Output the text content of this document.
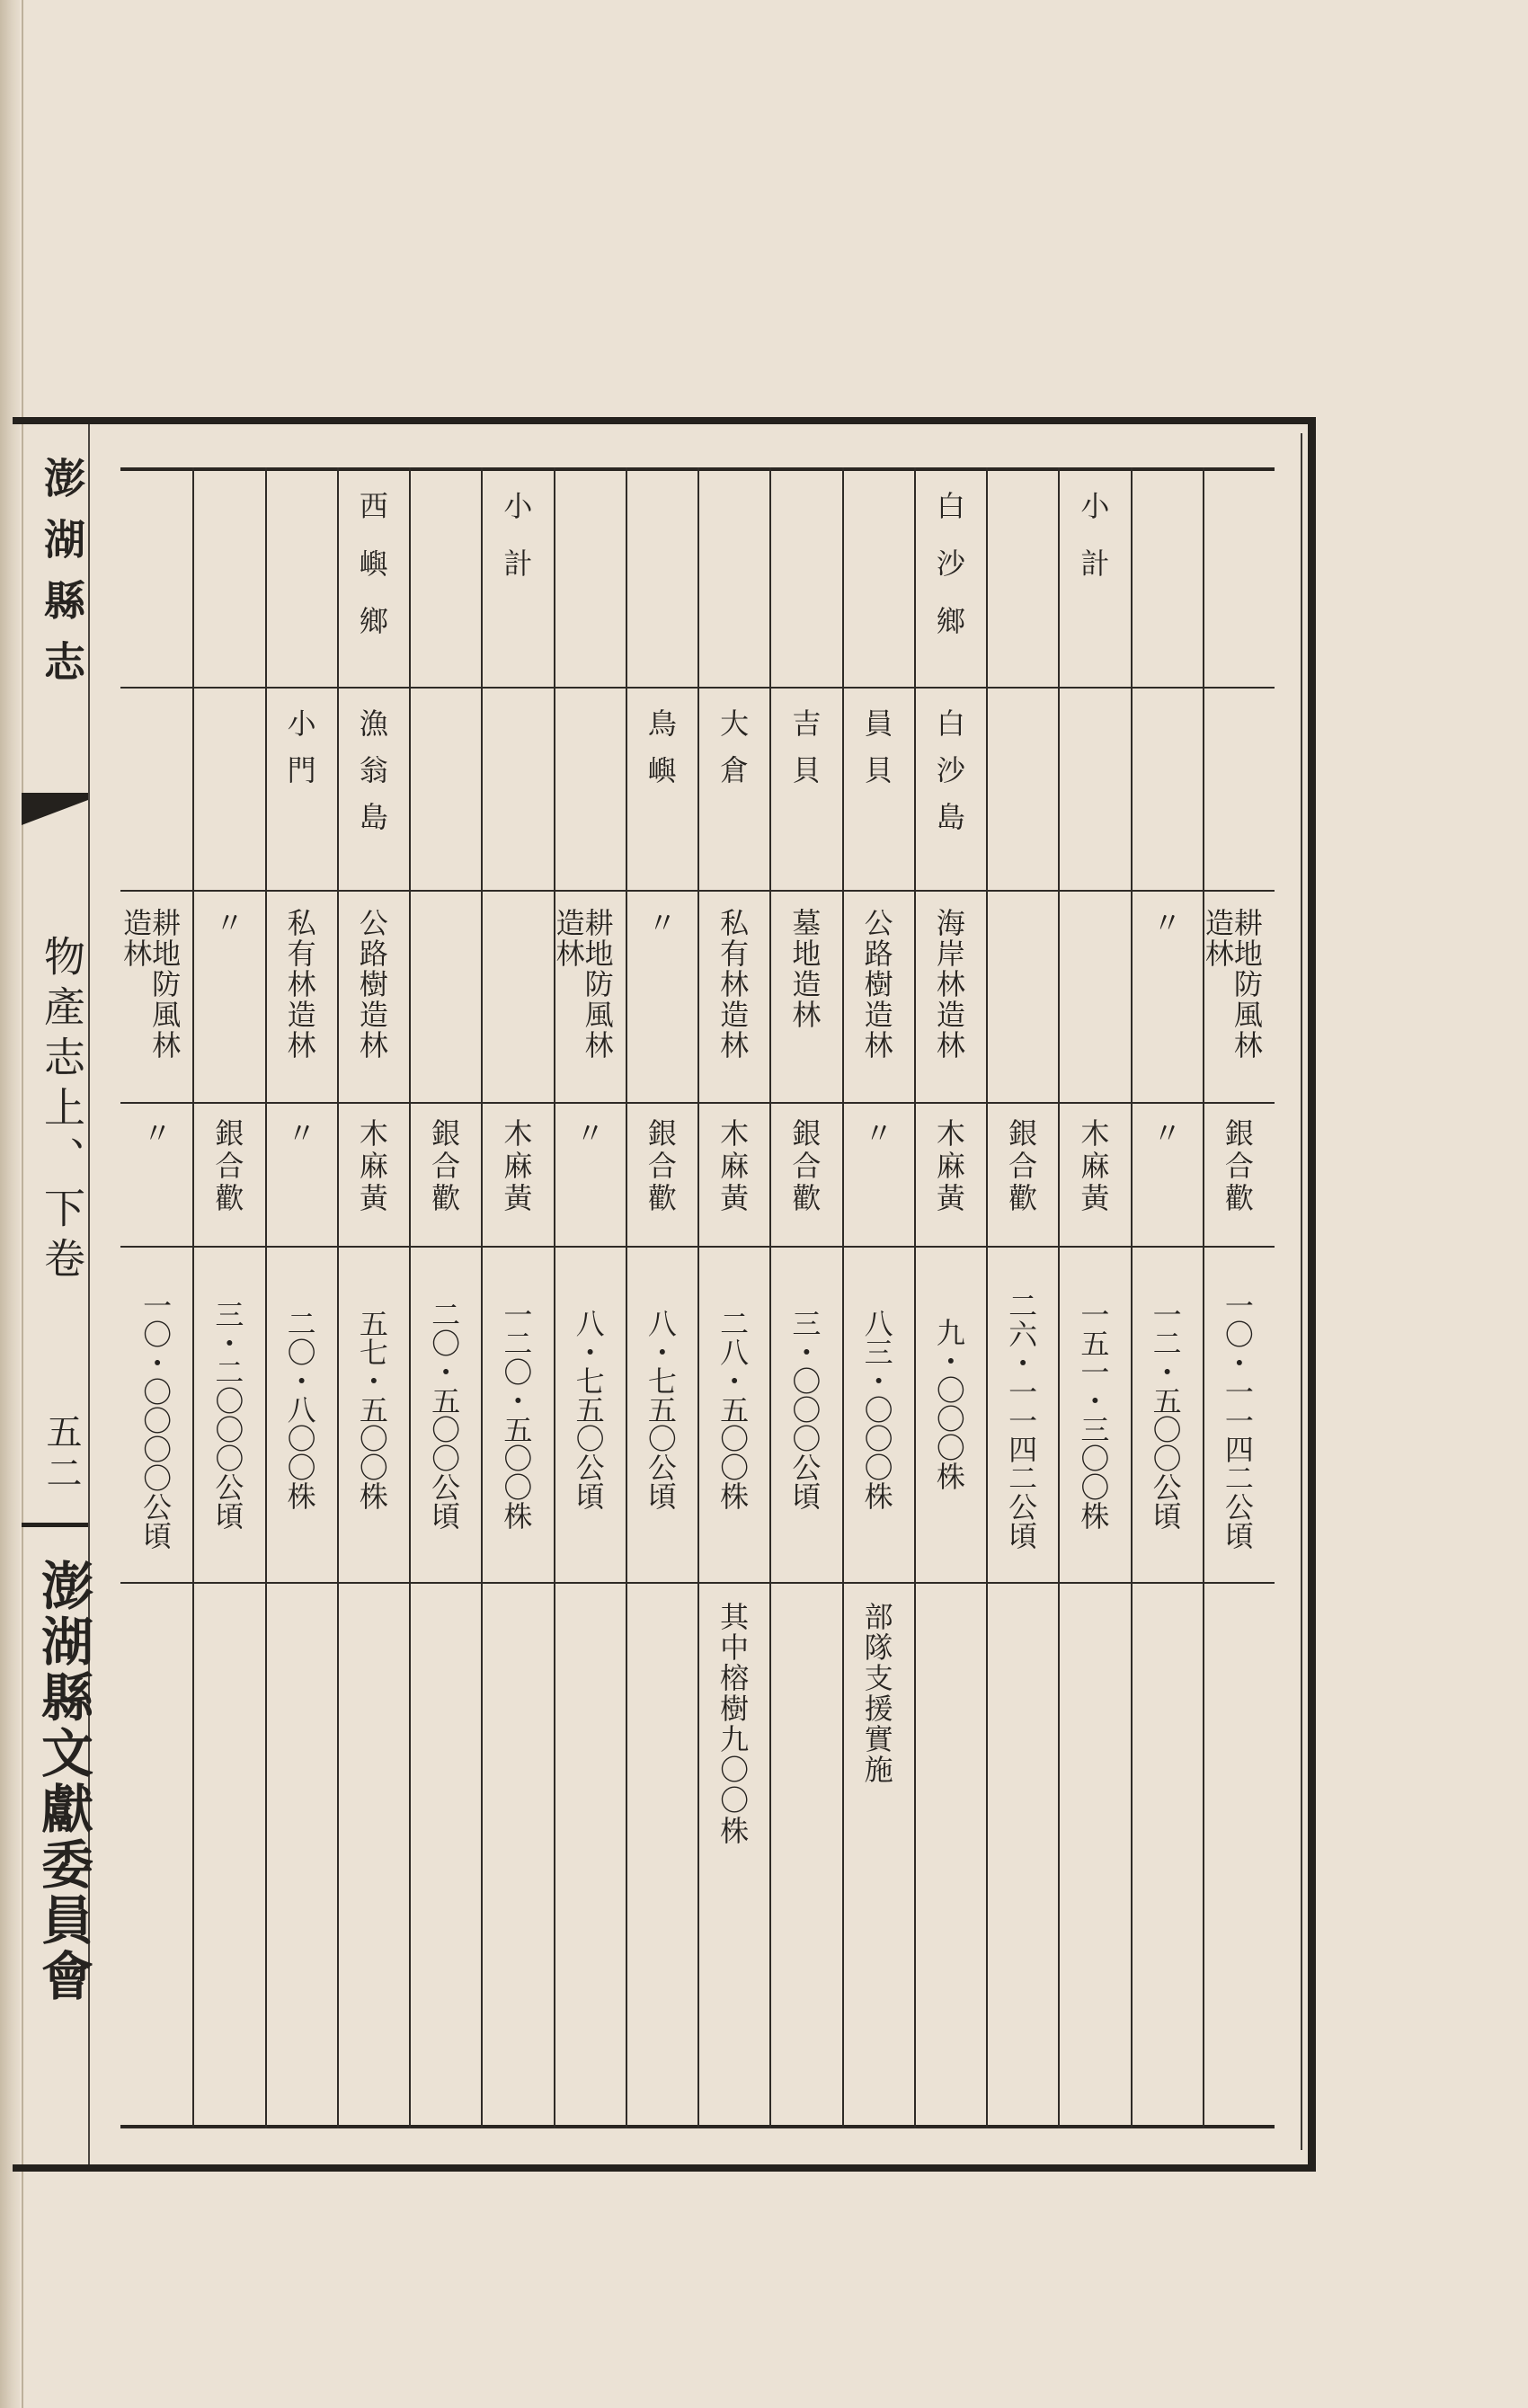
澎湖縣志
物產志上、下卷
五二
澎湖縣文獻委員會
耕地防風林
造林
銀合歡
一〇・一一四二公頃
〃
〃
一二・五〇〇公頃
小計
木麻黃
一五一・三〇〇株
銀合歡
二六・一一四二公頃
白沙鄉
白沙島
海岸林造林
木麻黃
九・〇〇〇株
員貝
公路樹造林
〃
八三・〇〇〇株
部隊支援實施
吉貝
墓地造林
銀合歡
三・〇〇〇公頃
大倉
私有林造林
木麻黃
二八・五〇〇株
其中榕樹九〇〇株
鳥嶼
〃
銀合歡
八・七五〇公頃
耕地防風林
造林
〃
八・七五〇公頃
小計
木麻黃
一二〇・五〇〇株
銀合歡
二〇・五〇〇公頃
西嶼鄉
漁翁島
公路樹造林
木麻黃
五七・五〇〇株
小門
私有林造林
〃
二〇・八〇〇株
〃
銀合歡
三・二〇〇〇公頃
耕地防風林
造林
〃
一〇・〇〇〇〇公頃
